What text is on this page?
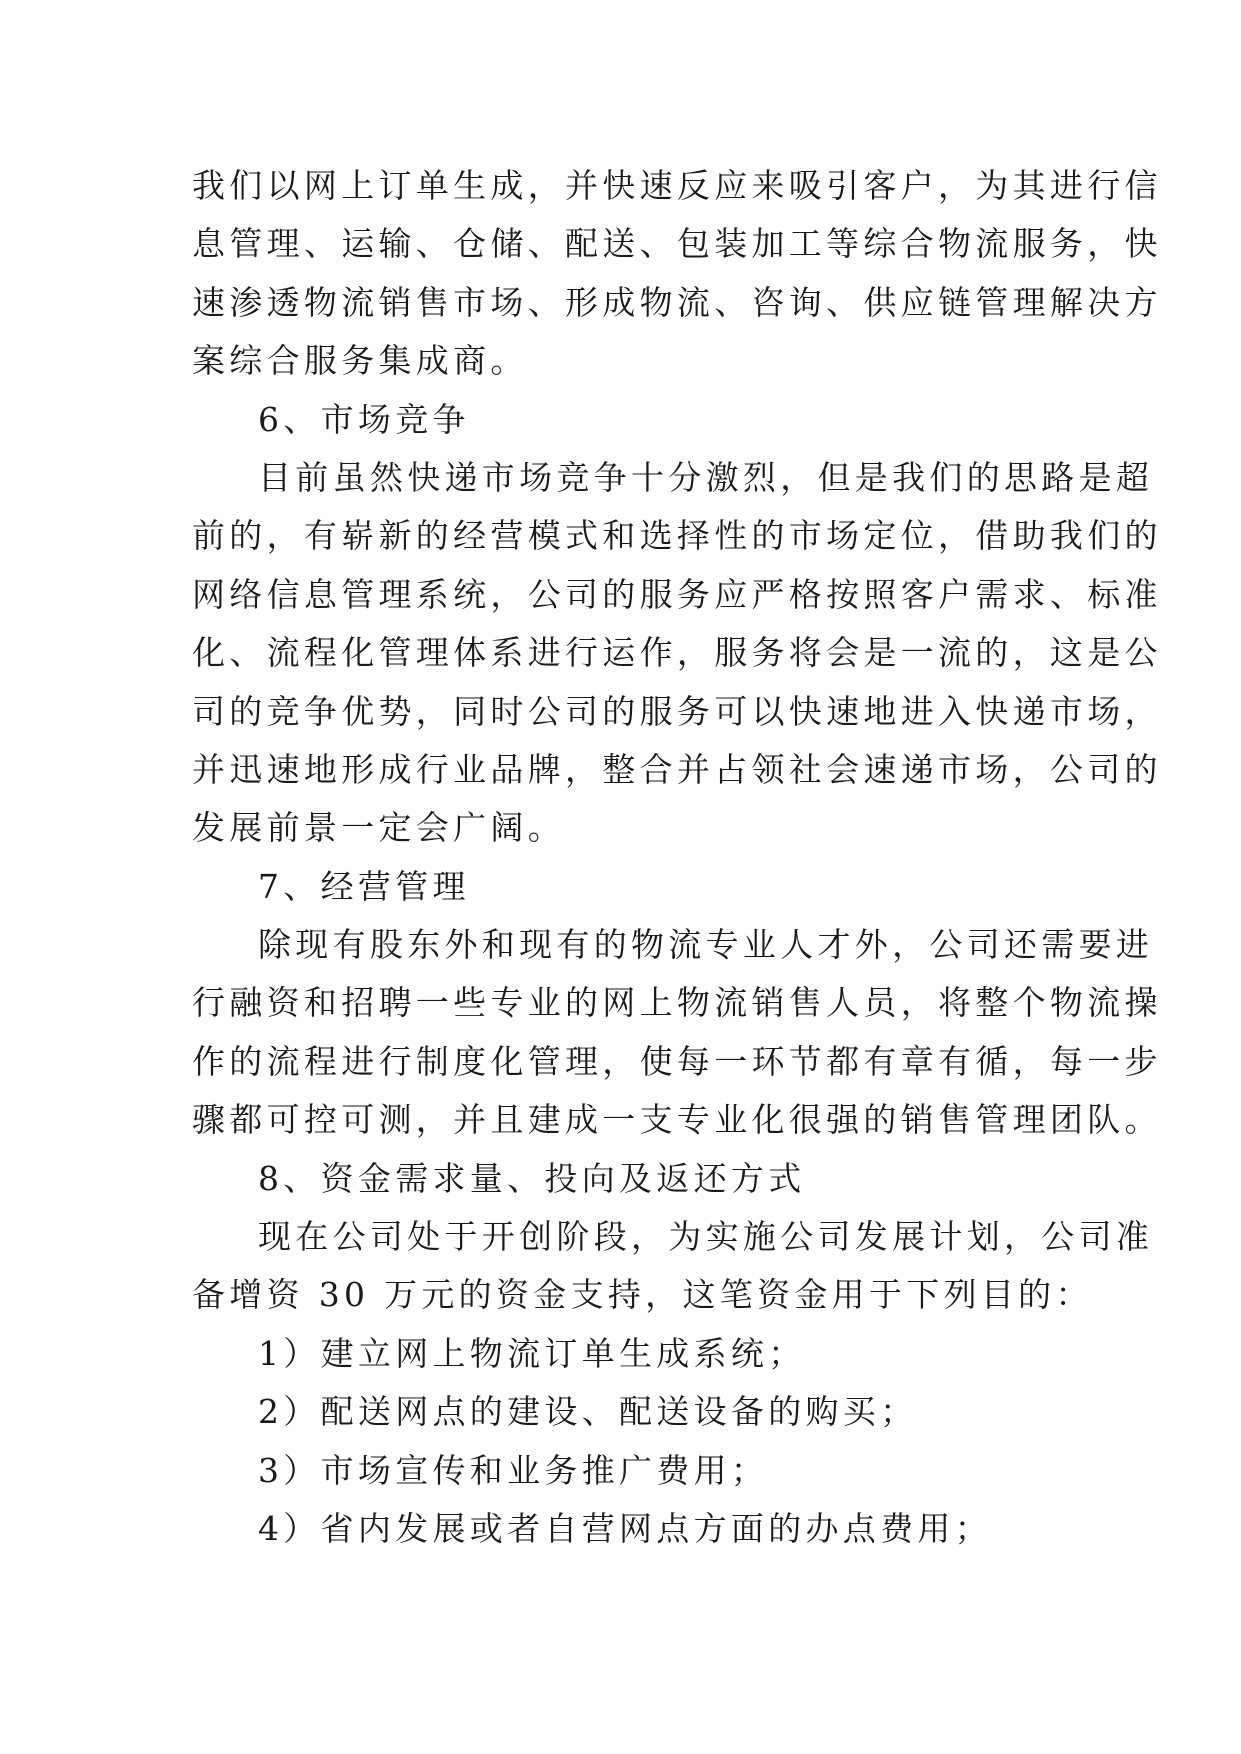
我们以网上订单生成，并快速反应来吸引客户，为其进行信
息管理、运输、仓储、配送、包装加工等综合物流服务，快
速渗透物流销售市场、形成物流、咨询、供应链管理解决方
案综合服务集成商。
6、市场竞争
目前虽然快递市场竞争十分激烈，但是我们的思路是超
前的，有崭新的经营模式和选择性的市场定位，借助我们的
网络信息管理系统，公司的服务应严格按照客户需求、标准
化、流程化管理体系进行运作，服务将会是一流的，这是公
司的竞争优势，同时公司的服务可以快速地进入快递市场，
并迅速地形成行业品牌，整合并占领社会速递市场，公司的
发展前景一定会广阔。
7、经营管理
除现有股东外和现有的物流专业人才外，公司还需要进
行融资和招聘一些专业的网上物流销售人员，将整个物流操
作的流程进行制度化管理，使每一环节都有章有循，每一步
骤都可控可测，并且建成一支专业化很强的销售管理团队。
8、资金需求量、投向及返还方式
现在公司处于开创阶段，为实施公司发展计划，公司准
备增资 30 万元的资金支持，这笔资金用于下列目的：
1）建立网上物流订单生成系统；
2）配送网点的建设、配送设备的购买；
3）市场宣传和业务推广费用；
4）省内发展或者自营网点方面的办点费用；
